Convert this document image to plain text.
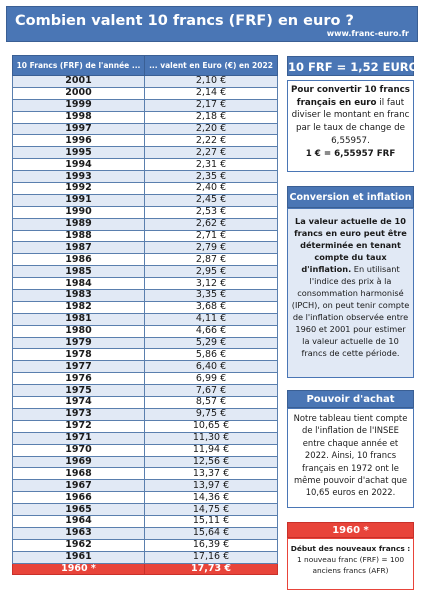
Combien valent 10 francs (FRF) en euro ?
www.franc-euro.fr
10 Francs (FRF) de l'année ...	... valent en Euro (€) en 2022
2001	2,10 €
2000	2,14 €
1999	2,17 €
1998	2,18 €
1997	2,20 €
1996	2,22 €
1995	2,27 €
1994	2,31 €
1993	2,35 €
1992	2,40 €
1991	2,45 €
1990	2,53 €
1989	2,62 €
1988	2,71 €
1987	2,79 €
1986	2,87 €
1985	2,95 €
1984	3,12 €
1983	3,35 €
1982	3,68 €
1981	4,11 €
1980	4,66 €
1979	5,29 €
1978	5,86 €
1977	6,40 €
1976	6,99 €
1975	7,67 €
1974	8,57 €
1973	9,75 €
1972	10,65 €
1971	11,30 €
1970	11,94 €
1969	12,56 €
1968	13,37 €
1967	13,97 €
1966	14,36 €
1965	14,75 €
1964	15,11 €
1963	15,64 €
1962	16,39 €
1961	17,16 €
1960 *	17,73 €
10 FRF = 1,52 EURO
Pour convertir 10 francs français en euro il faut diviser le montant en franc par le taux de change de 6,55957.
1 € = 6,55957 FRF
Conversion et inflation
La valeur actuelle de 10 francs en euro peut être déterminée en tenant compte du taux d'inflation. En utilisant l'indice des prix à la consommation harmonisé (IPCH), on peut tenir compte de l'inflation observée entre 1960 et 2001 pour estimer la valeur actuelle de 10 francs de cette période.
Pouvoir d'achat
Notre tableau tient compte de l'inflation de l'INSEE entre chaque année et 2022. Ainsi, 10 francs français en 1972 ont le même pouvoir d'achat que 10,65 euros en 2022.
1960 *
Début des nouveaux francs :
1 nouveau franc (FRF) = 100 anciens francs (AFR)
